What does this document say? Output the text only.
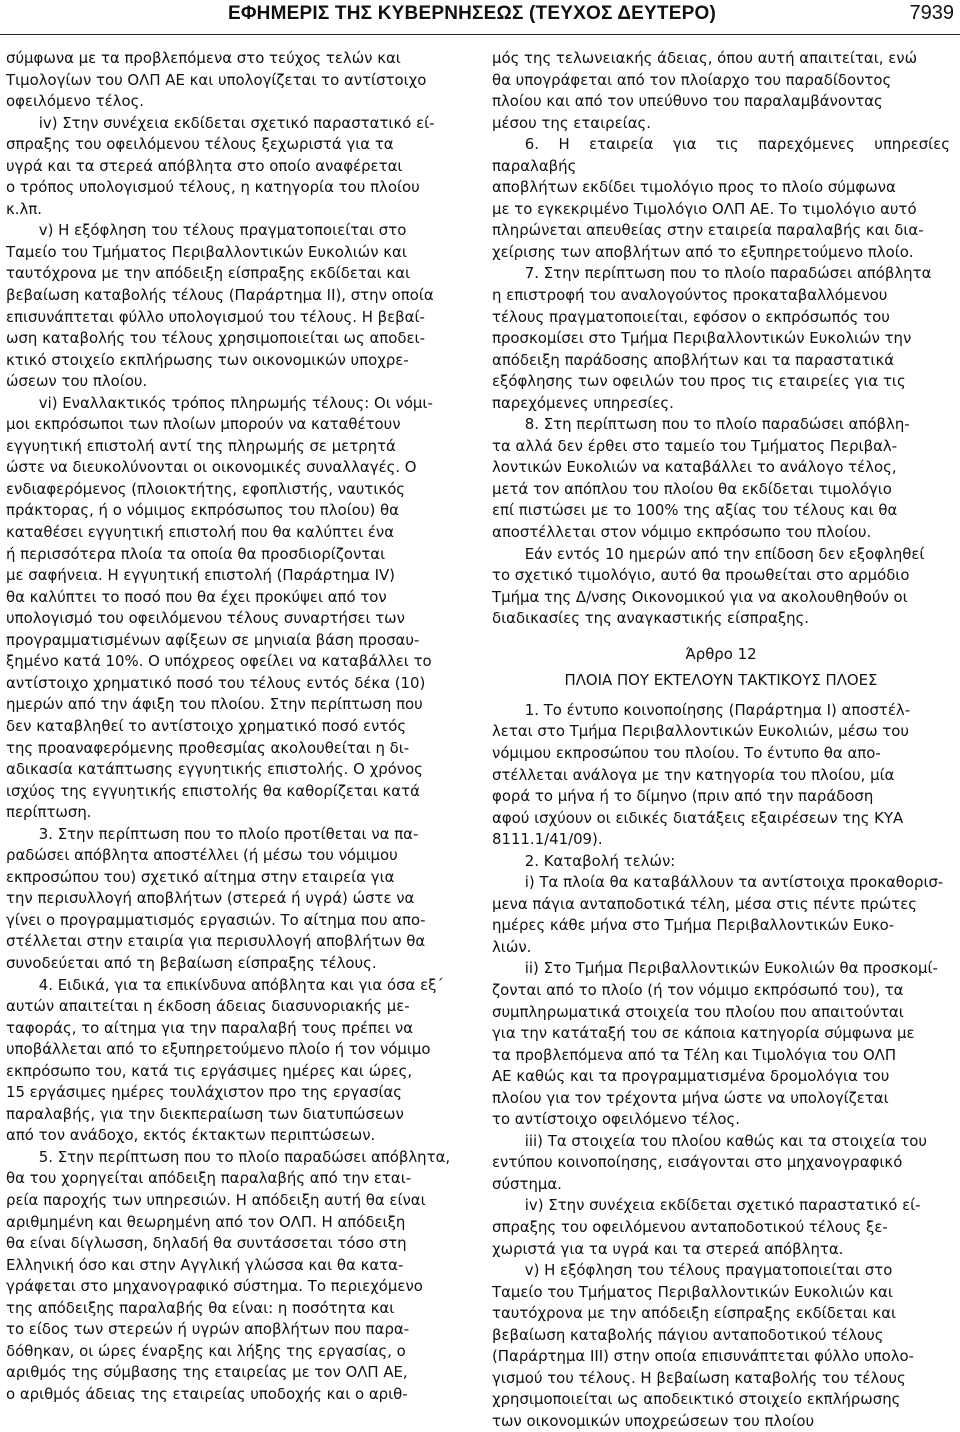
ΕΦΗΜΕΡΙΣ ΤΗΣ ΚΥΒΕΡΝΗΣΕΩΣ (ΤΕΥΧΟΣ ΔΕΥΤΕΡΟ)	7939

σύμφωνα με τα προβλεπόμενα στο τεύχος τελών και
Τιμολογίων του ΟΛΠ ΑΕ και υπολογίζεται το αντίστοιχο
οφειλόμενο τέλος.

iv) Στην συνέχεια εκδίδεται σχετικό παραστατικό εί-
σπραξης του οφειλόμενου τέλους ξεχωριστά για τα
υγρά και τα στερεά απόβλητα στο οποίο αναφέρεται
ο τρόπος υπολογισμού τέλους, η κατηγορία του πλοίου
κ.λπ.

v) Η εξόφληση του τέλους πραγματοποιείται στο
Ταμείο του Τμήματος Περιβαλλοντικών Ευκολιών και
ταυτόχρονα με την απόδειξη είσπραξης εκδίδεται και
βεβαίωση καταβολής τέλους (Παράρτημα ΙΙ), στην οποία
επισυνάπτεται φύλλο υπολογισμού του τέλους. Η βεβαί-
ωση καταβολής του τέλους χρησιμοποιείται ως αποδει-
κτικό στοιχείο εκπλήρωσης των οικονομικών υποχρε-
ώσεων του πλοίου.

vi) Εναλλακτικός τρόπος πληρωμής τέλους: Οι νόμι-
μοι εκπρόσωποι των πλοίων μπορούν να καταθέτουν
εγγυητική επιστολή αντί της πληρωμής σε μετρητά
ώστε να διευκολύνονται οι οικονομικές συναλλαγές. Ο
ενδιαφερόμενος (πλοιοκτήτης, εφοπλιστής, ναυτικός
πράκτορας, ή ο νόμιμος εκπρόσωπος του πλοίου) θα
καταθέσει εγγυητική επιστολή που θα καλύπτει ένα
ή περισσότερα πλοία τα οποία θα προσδιορίζονται
με σαφήνεια. Η εγγυητική επιστολή (Παράρτημα IV)
θα καλύπτει το ποσό που θα έχει προκύψει από τον
υπολογισμό του οφειλόμενου τέλους συναρτήσει των
προγραμματισμένων αφίξεων σε μηνιαία βάση προσαυ-
ξημένο κατά 10%. Ο υπόχρεος οφείλει να καταβάλλει το
αντίστοιχο χρηματικό ποσό του τέλους εντός δέκα (10)
ημερών από την άφιξη του πλοίου. Στην περίπτωση που
δεν καταβληθεί το αντίστοιχο χρηματικό ποσό εντός
της προαναφερόμενης προθεσμίας ακολουθείται η δι-
αδικασία κατάπτωσης εγγυητικής επιστολής. Ο χρόνος
ισχύος της εγγυητικής επιστολής θα καθορίζεται κατά
περίπτωση.

3. Στην περίπτωση που το πλοίο προτίθεται να πα-
ραδώσει απόβλητα αποστέλλει (ή μέσω του νόμιμου
εκπροσώπου του) σχετικό αίτημα στην εταιρεία για
την περισυλλογή αποβλήτων (στερεά ή υγρά) ώστε να
γίνει ο προγραμματισμός εργασιών. Το αίτημα που απο-
στέλλεται στην εταιρία για περισυλλογή αποβλήτων θα
συνοδεύεται από τη βεβαίωση είσπραξης τέλους.

4. Ειδικά, για τα επικίνδυνα απόβλητα και για όσα εξ΄
αυτών απαιτείται η έκδοση άδειας διασυνοριακής με-
ταφοράς, το αίτημα για την παραλαβή τους πρέπει να
υποβάλλεται από το εξυπηρετούμενο πλοίο ή τον νόμιμο
εκπρόσωπο του, κατά τις εργάσιμες ημέρες και ώρες,
15 εργάσιμες ημέρες τουλάχιστον προ της εργασίας
παραλαβής, για την διεκπεραίωση των διατυπώσεων
από τον ανάδοχο, εκτός έκτακτων περιπτώσεων.

5. Στην περίπτωση που το πλοίο παραδώσει απόβλητα,
θα του χορηγείται απόδειξη παραλαβής από την εται-
ρεία παροχής των υπηρεσιών. Η απόδειξη αυτή θα είναι
αριθμημένη και θεωρημένη από τον ΟΛΠ. Η απόδειξη
θα είναι δίγλωσση, δηλαδή θα συντάσσεται τόσο στη
Ελληνική όσο και στην Αγγλική γλώσσα και θα κατα-
γράφεται στο μηχανογραφικό σύστημα. Το περιεχόμενο
της απόδειξης παραλαβής θα είναι: η ποσότητα και
το είδος των στερεών ή υγρών αποβλήτων που παρα-
δόθηκαν, οι ώρες έναρξης και λήξης της εργασίας, ο
αριθμός της σύμβασης της εταιρείας με τον ΟΛΠ ΑΕ,
ο αριθμός άδειας της εταιρείας υποδοχής και ο αριθ-

μός της τελωνειακής άδειας, όπου αυτή απαιτείται, ενώ
θα υπογράφεται από τον πλοίαρχο του παραδίδοντος
πλοίου και από τον υπεύθυνο του παραλαμβάνοντας
μέσου της εταιρείας.

6. Η εταιρεία για τις παρεχόμενες υπηρεσίες παραλαβής
αποβλήτων εκδίδει τιμολόγιο προς το πλοίο σύμφωνα
με το εγκεκριμένο Τιμολόγιο ΟΛΠ ΑΕ. Το τιμολόγιο αυτό
πληρώνεται απευθείας στην εταιρεία παραλαβής και δια-
χείρισης των αποβλήτων από το εξυπηρετούμενο πλοίο.

7. Στην περίπτωση που το πλοίο παραδώσει απόβλητα
η επιστροφή του αναλογούντος προκαταβαλλόμενου
τέλους πραγματοποιείται, εφόσον ο εκπρόσωπός του
προσκομίσει στο Τμήμα Περιβαλλοντικών Ευκολιών την
απόδειξη παράδοσης αποβλήτων και τα παραστατικά
εξόφλησης των οφειλών του προς τις εταιρείες για τις
παρεχόμενες υπηρεσίες.

8. Στη περίπτωση που το πλοίο παραδώσει απόβλη-
τα αλλά δεν έρθει στο ταμείο του Τμήματος Περιβαλ-
λοντικών Ευκολιών να καταβάλλει το ανάλογο τέλος,
μετά τον απόπλου του πλοίου θα εκδίδεται τιμολόγιο
επί πιστώσει με το 100% της αξίας του τέλους και θα
αποστέλλεται στον νόμιμο εκπρόσωπο του πλοίου.

Εάν εντός 10 ημερών από την επίδοση δεν εξοφληθεί
το σχετικό τιμολόγιο, αυτό θα προωθείται στο αρμόδιο
Τμήμα της Δ/νσης Οικονομικού για να ακολουθηθούν οι
διαδικασίες της αναγκαστικής είσπραξης.

Άρθρο 12

ΠΛΟΙΑ ΠΟΥ ΕΚΤΕΛΟΥΝ ΤΑΚΤΙΚΟΥΣ ΠΛΟΕΣ

1. Το έντυπο κοινοποίησης (Παράρτημα Ι) αποστέλ-
λεται στο Τμήμα Περιβαλλοντικών Ευκολιών, μέσω του
νόμιμου εκπροσώπου του πλοίου. Το έντυπο θα απο-
στέλλεται ανάλογα με την κατηγορία του πλοίου, μία
φορά το μήνα ή το δίμηνο (πριν από την παράδοση
αφού ισχύουν οι ειδικές διατάξεις εξαιρέσεων της ΚΥΑ
8111.1/41/09).

2. Καταβολή τελών:

i) Τα πλοία θα καταβάλλουν τα αντίστοιχα προκαθορισ-
μενα πάγια ανταποδοτικά τέλη, μέσα στις πέντε πρώτες
ημέρες κάθε μήνα στο Τμήμα Περιβαλλοντικών Ευκο-
λιών.

ii) Στο Τμήμα Περιβαλλοντικών Ευκολιών θα προσκομί-
ζονται από το πλοίο (ή τον νόμιμο εκπρόσωπό του), τα
συμπληρωματικά στοιχεία του πλοίου που απαιτούνται
για την κατάταξή του σε κάποια κατηγορία σύμφωνα με
τα προβλεπόμενα από τα Τέλη και Τιμολόγια του ΟΛΠ
ΑΕ καθώς και τα προγραμματισμένα δρομολόγια του
πλοίου για τον τρέχοντα μήνα ώστε να υπολογίζεται
το αντίστοιχο οφειλόμενο τέλος.

iii) Τα στοιχεία του πλοίου καθώς και τα στοιχεία του
εντύπου κοινοποίησης, εισάγονται στο μηχανογραφικό
σύστημα.

iv) Στην συνέχεια εκδίδεται σχετικό παραστατικό εί-
σπραξης του οφειλόμενου ανταποδοτικού τέλους ξε-
χωριστά για τα υγρά και τα στερεά απόβλητα.

v) Η εξόφληση του τέλους πραγματοποιείται στο
Ταμείο του Τμήματος Περιβαλλοντικών Ευκολιών και
ταυτόχρονα με την απόδειξη είσπραξης εκδίδεται και
βεβαίωση καταβολής πάγιου ανταποδοτικού τέλους
(Παράρτημα ΙΙΙ) στην οποία επισυνάπτεται φύλλο υπολο-
γισμού του τέλους. Η βεβαίωση καταβολής του τέλους
χρησιμοποιείται ως αποδεικτικό στοιχείο εκπλήρωσης
των οικονομικών υποχρεώσεων του πλοίου
